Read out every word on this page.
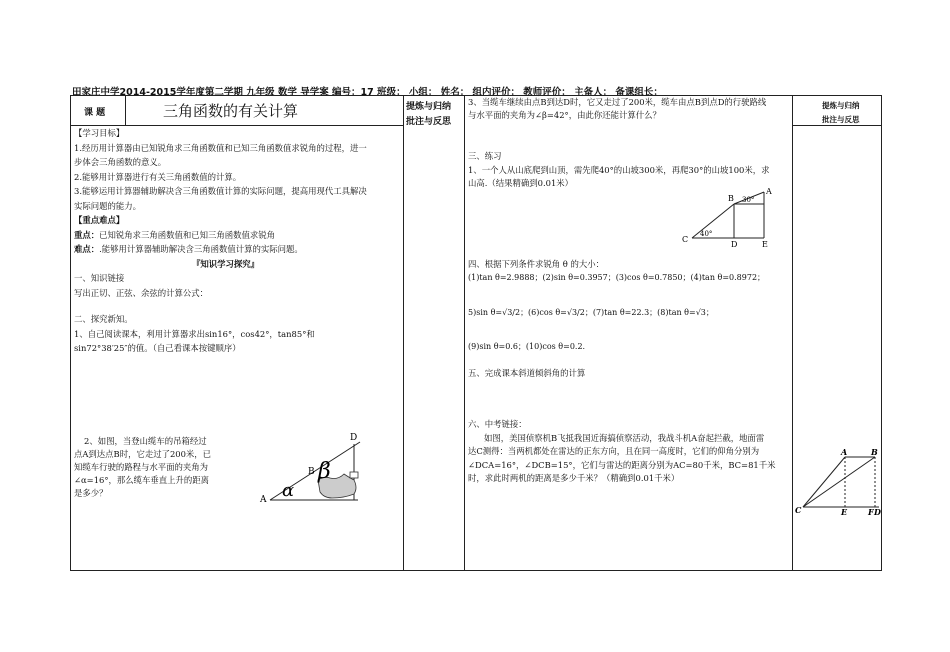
田家庄中学2014-2015学年度第二学期 九年级 数学 导学案 编号：17 班级： 小组： 姓名： 组内评价： 教师评价： 主备人： 备课组长：
课 题	三角函数的有关计算	提炼与归纳
批注与反思
提炼与归纳
批注与反思
【学习目标】
1.经历用计算器由已知锐角求三角函数值和已知三角函数值求锐角的过程，进一
步体会三角函数的意义。
2.能够用计算器进行有关三角函数值的计算。
3.能够运用计算器辅助解决含三角函数值计算的实际问题，提高用现代工具解决
实际问题的能力。
【重点难点】
重点：已知锐角求三角函数值和已知三角函数值求锐角
难点：.能够用计算器辅助解决含三角函数值计算的实际问题。
『知识学习探究』
一、知识链接
写出正切、正弦、余弦的计算公式：
二、探究新知。
1、自己阅读课本，利用计算器求出sin16°，cos42°，tan85°和
sin72°38′25″的值。（自己看课本按键顺序）
2、如图，当登山缆车的吊箱经过
点A到达点B时，它走过了200米，已
知缆车行驶的路程与水平面的夹角为
∠α=16°，那么缆车垂直上升的距离
是多少？
A
B
D
α
β
3、当缆车继续由点B到达D时，它又走过了200米，缆车由点B到点D的行驶路线
与水平面的夹角为∠β=42°，由此你还能计算什么？
三、练习
1、一个人从山底爬到山顶，需先爬40°的山坡300米，再爬30°的山坡100米，求
山高.（结果精确到0.01米）
C
B
A
D	E
40°
30°
四、根据下列条件求锐角 θ 的大小：
(1)tan θ=2.9888；(2)sin θ=0.3957；(3)cos θ=0.7850；(4)tan θ=0.8972；
5)sin θ=√3/2；(6)cos θ=√3/2；(7)tan θ=22.3；(8)tan θ=√3；
(9)sin θ=0.6；(10)cos θ=0.2.
五、完成课本斜道倾斜角的计算
六、中考链接：
如图，美国侦察机B飞抵我国近海搞侦察活动，我战斗机A奋起拦截，地面雷
达C测得：当两机都处在雷达的正东方向，且在同一高度时，它们的仰角分别为
∠DCA=16°，∠DCB=15°，它们与雷达的距离分别为AC=80千米，BC=81千米
时，求此时两机的距离是多少千米？（精确到0.01千米）
C
A	B
E	F D
